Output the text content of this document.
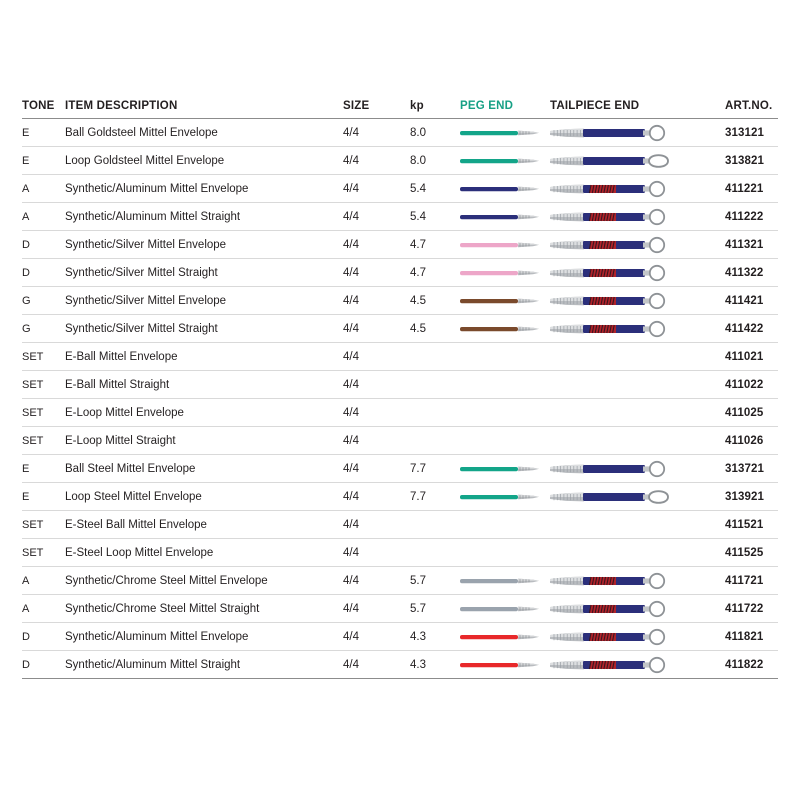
TONE	ITEM DESCRIPTION	SIZE	kp	PEG END	TAILPIECE END	ART.NO.
E	Ball Goldsteel Mittel Envelope	4/4	8.0			313121
E	Loop Goldsteel Mittel Envelope	4/4	8.0			313821
A	Synthetic/Aluminum Mittel Envelope	4/4	5.4			411221
A	Synthetic/Aluminum Mittel Straight	4/4	5.4			411222
D	Synthetic/Silver Mittel Envelope	4/4	4.7			411321
D	Synthetic/Silver Mittel Straight	4/4	4.7			411322
G	Synthetic/Silver Mittel Envelope	4/4	4.5			411421
G	Synthetic/Silver Mittel Straight	4/4	4.5			411422
SET	E-Ball Mittel Envelope	4/4				411021
SET	E-Ball Mittel Straight	4/4				411022
SET	E-Loop Mittel Envelope	4/4				411025
SET	E-Loop Mittel Straight	4/4				411026
E	Ball Steel Mittel Envelope	4/4	7.7			313721
E	Loop Steel Mittel Envelope	4/4	7.7			313921
SET	E-Steel Ball Mittel Envelope	4/4				411521
SET	E-Steel Loop Mittel Envelope	4/4				411525
A	Synthetic/Chrome Steel Mittel Envelope	4/4	5.7			411721
A	Synthetic/Chrome Steel Mittel Straight	4/4	5.7			411722
D	Synthetic/Aluminum Mittel Envelope	4/4	4.3			411821
D	Synthetic/Aluminum Mittel Straight	4/4	4.3			411822
